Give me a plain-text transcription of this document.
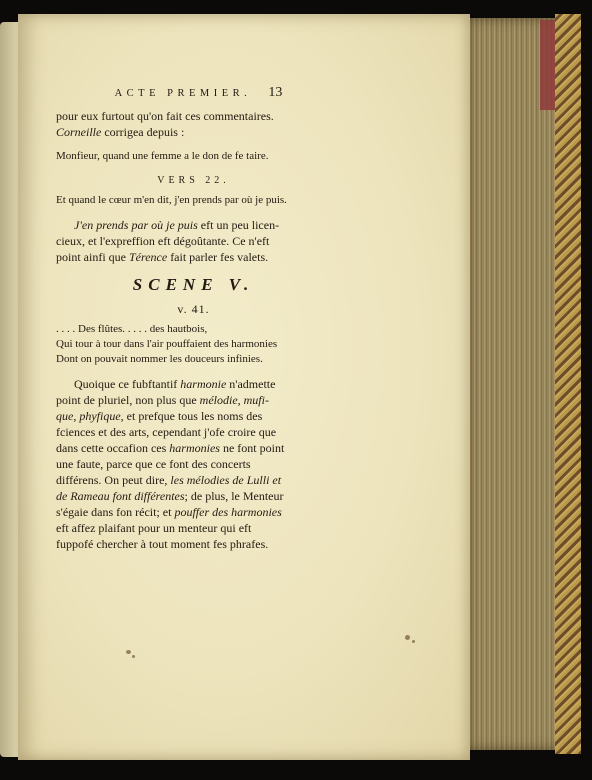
ACTE PREMIER. 13

pour eux furtout qu'on fait ces commentaires.

Corneille corrigea depuis :

Monfieur, quand une femme a le don de fe taire.

VERS 22.

Et quand le cœur m'en dit, j'en prends par où je puis.

J'en prends par où je puis eft un peu licen-
cieux, et l'expreffion eft dégoûtante. Ce n'eft
point ainfi que Térence fait parler fes valets.

SCENE V.

v. 41.

. . . . Des flûtes. . . . . des hautbois,

Qui tour à tour dans l'air pouffaient des harmonies

Dont on pouvait nommer les douceurs infinies.

Quoique ce fubftantif harmonie n'admette
point de pluriel, non plus que mélodie, mufi-
que, phyfique, et prefque tous les noms des
fciences et des arts, cependant j'ofe croire que
dans cette occafion ces harmonies ne font point
une faute, parce que ce font des concerts
différens. On peut dire, les mélodies de Lulli et
de Rameau font différentes; de plus, le Menteur
s'égaie dans fon récit; et pouffer des harmonies
eft affez plaifant pour un menteur qui eft
fuppofé chercher à tout moment fes phrafes.
